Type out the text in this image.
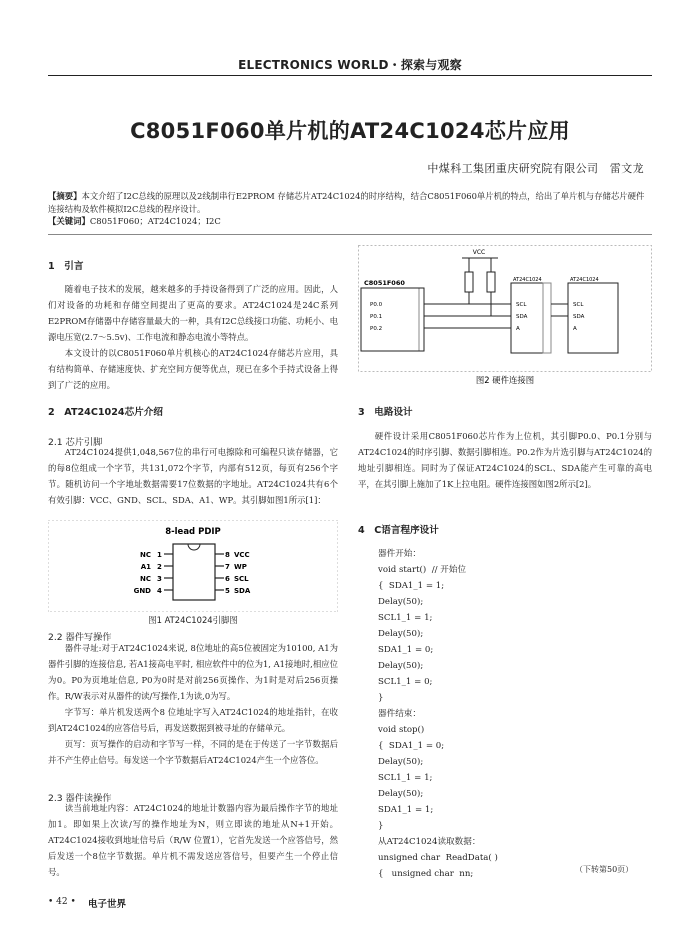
ELECTRONICS WORLD・探索与观察
C8051F060单片机的AT24C1024芯片应用
中煤科工集团重庆研究院有限公司　雷文龙
【摘要】本文介绍了I2C总线的原理以及2线制串行E2PROM 存储芯片AT24C1024的时序结构，结合C8051F060单片机的特点，给出了单片机与存储芯片硬件连接结构及软件模拟I2C总线的程序设计。
【关键词】C8051F060；AT24C1024；I2C
1　引言

随着电子技术的发展，越来越多的手持设备得到了广泛的应用。因此，人们对设备的功耗和存储空间提出了更高的要求。AT24C1024是24C系列E2PROM存储器中存储容量最大的一种，具有I2C总线接口功能、功耗小、电源电压宽(2.7～5.5v)、工作电流和静态电流小等特点。

本文设计的以C8051F060单片机核心的AT24C1024存储芯片应用，具有结构简单、存储速度快、扩充空间方便等优点，现已在多个手持式设备上得到了广泛的应用。

2　AT24C1024芯片介绍
2.1 芯片引脚

AT24C1024提供1,048,567位的串行可电擦除和可编程只读存储器，它的每8位组成一个字节，共131,072个字节，内部有512页，每页有256个字节。随机访问一个字地址数据需要17位数据的字地址。AT24C1024共有6个有效引脚：VCC、GND、SCL、SDA、A1、WP。其引脚如图1所示[1]：

8-lead PDIP
NC
A1
NC
GND
1
2
3
4
8
7
6
5
VCC
WP
SCL
SDA
图1 AT24C1024引脚图
2.2 器件写操作

器件寻址:对于AT24C1024来说, 8位地址的高5位被固定为10100, A1为器件引脚的连接信息, 若A1接高电平时, 相应软件中的位为1, A1接地时,相应位为0。P0为页地址信息, P0为0时是对前256页操作、为1时是对后256页操作。R/W表示对从器件的读/写操作,1为读,0为写。

字节写：单片机发送两个8 位地址字写入AT24C1024的地址指针，在收到AT24C1024的应答信号后，再发送数据到被寻址的存储单元。

页写：页写操作的启动和字节写一样，不同的是在于传送了一字节数据后并不产生停止信号。每发送一个字节数据后AT24C1024产生一个应答位。

2.3 器件读操作

读当前地址内容：AT24C1024的地址计数器内容为最后操作字节的地址加1。即如果上次读/写的操作地址为N，则立即读的地址从N+1开始。AT24C1024接收到地址信号后（R/W 位置1），它首先发送一个应答信号，然后发送一个8位字节数据。单片机不需发送应答信号，但要产生一个停止信号。

VCC
C8051F060
P0.0
P0.1
P0.2
AT24C1024
SCL
SDA
A
AT24C1024
SCL
SDA
A
图2 硬件连接图
3　电路设计

硬件设计采用C8051F060芯片作为上位机，其引脚P0.0、P0.1分别与AT24C1024的时序引脚、数据引脚相连。P0.2作为片选引脚与AT24C1024的地址引脚相连。同时为了保证AT24C1024的SCL、SDA能产生可靠的高电平，在其引脚上施加了1K上拉电阻。硬件连接图如图2所示[2]。

4　C语言程序设计
器件开始：
void start()  // 开始位
{  SDA1_1 = 1;
Delay(50);
SCL1_1 = 1;
Delay(50);
SDA1_1 = 0;
Delay(50);
SCL1_1 = 0;
}
器件结束：
void stop()
{  SDA1_1 = 0;
Delay(50);
SCL1_1 = 1;
Delay(50);
SDA1_1 = 1;
}
从AT24C1024读取数据：
unsigned char  ReadData( )
{   unsigned char  nn;	（下转第50页）
• 42 • 电子世界
